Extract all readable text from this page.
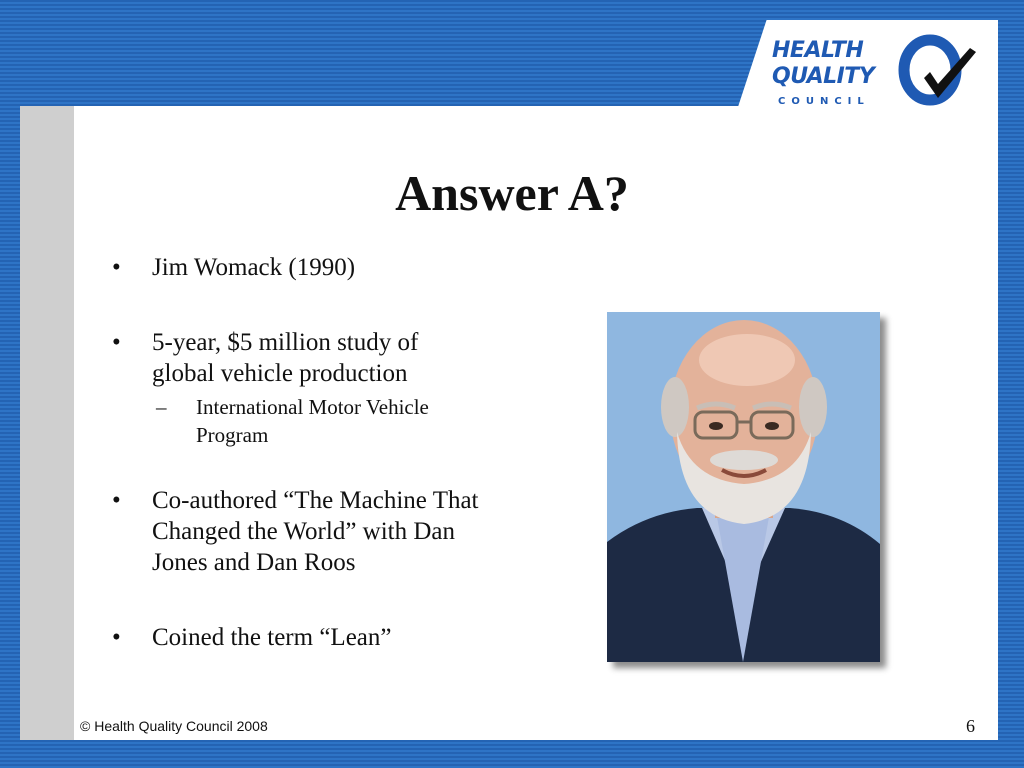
HEALTH
QUALITY
COUNCIL
Answer A?
• Jim Womack (1990)
• 5-year, $5 million study of global vehicle production
– International Motor Vehicle Program
• Co-authored “The Machine That Changed the World” with Dan Jones and Dan Roos
• Coined the term “Lean”
© Health Quality Council 2008	6
